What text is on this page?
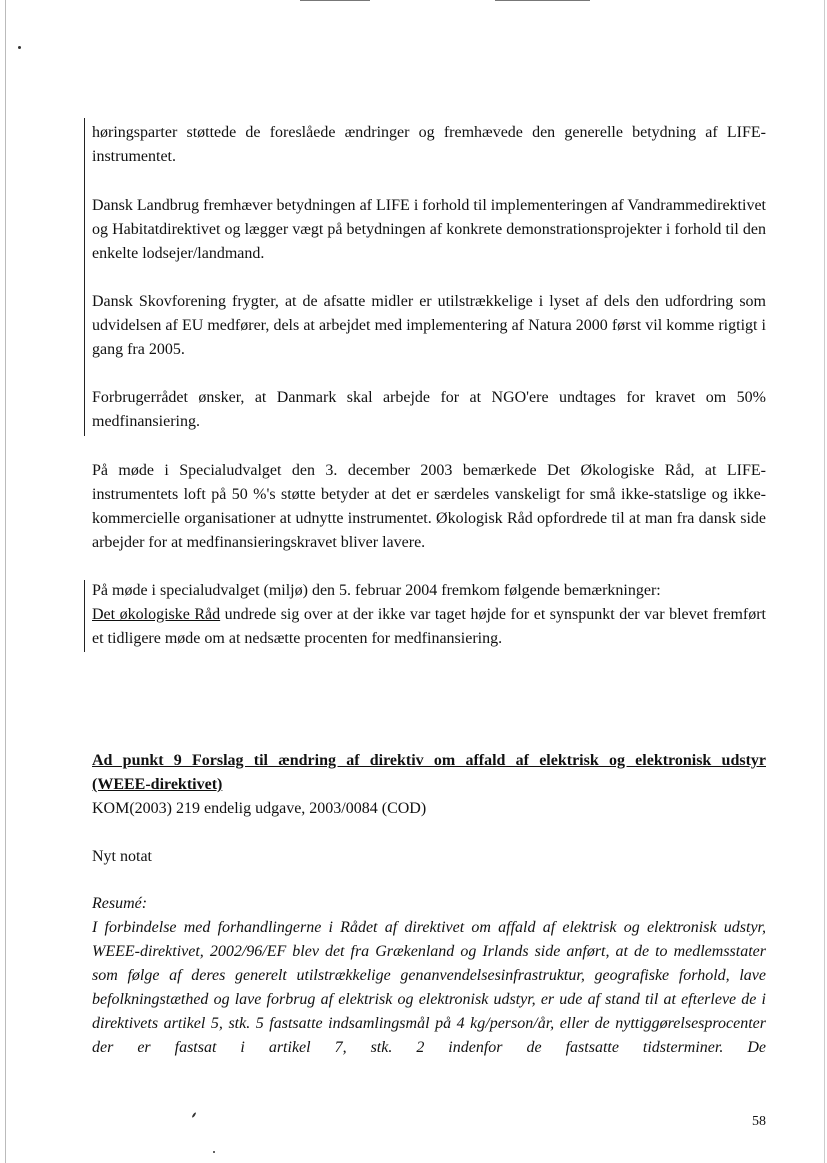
høringsparter støttede de foreslåede ændringer og fremhævede den generelle betydning af LIFE-instrumentet.

Dansk Landbrug fremhæver betydningen af LIFE i forhold til implementeringen af Vandrammedirektivet og Habitatdirektivet og lægger vægt på betydningen af konkrete demonstrationsprojekter i forhold til den enkelte lodsejer/landmand.

Dansk Skovforening frygter, at de afsatte midler er utilstrækkelige i lyset af dels den udfordring som udvidelsen af EU medfører, dels at arbejdet med implementering af Natura 2000 først vil komme rigtigt i gang fra 2005.

Forbrugerrådet ønsker, at Danmark skal arbejde for at NGO'ere undtages for kravet om 50% medfinansiering.

På møde i Specialudvalget den 3. december 2003 bemærkede Det Økologiske Råd, at LIFE-instrumentets loft på 50 %'s støtte betyder at det er særdeles vanskeligt for små ikke-statslige og ikke-kommercielle organisationer at udnytte instrumentet. Økologisk Råd opfordrede til at man fra dansk side arbejder for at medfinansieringskravet bliver lavere.

På møde i specialudvalget (miljø) den 5. februar 2004 fremkom følgende bemærkninger:

Det økologiske Råd undrede sig over at der ikke var taget højde for et synspunkt der var blevet fremført et tidligere møde om at nedsætte procenten for medfinansiering.

Ad punkt 9 Forslag til ændring af direktiv om affald af elektrisk og elektronisk udstyr

(WEEE-direktivet)

KOM(2003) 219 endelig udgave, 2003/0084 (COD)

Nyt notat

Resumé:

I forbindelse med forhandlingerne i Rådet af direktivet om affald af elektrisk og elektronisk udstyr, WEEE-direktivet, 2002/96/EF blev det fra Grækenland og Irlands side anført, at de to medlemsstater som følge af deres generelt utilstrækkelige genanvendelsesinfrastruktur, geografiske forhold, lave befolkningstæthed og lave forbrug af elektrisk og elektronisk udstyr, er ude af stand til at efterleve de i direktivets artikel 5, stk. 5 fastsatte indsamlingsmål på 4 kg/person/år, eller de nyttiggørelsesprocenter der er fastsat i artikel 7, stk. 2 indenfor de fastsatte tidsterminer. De

58
